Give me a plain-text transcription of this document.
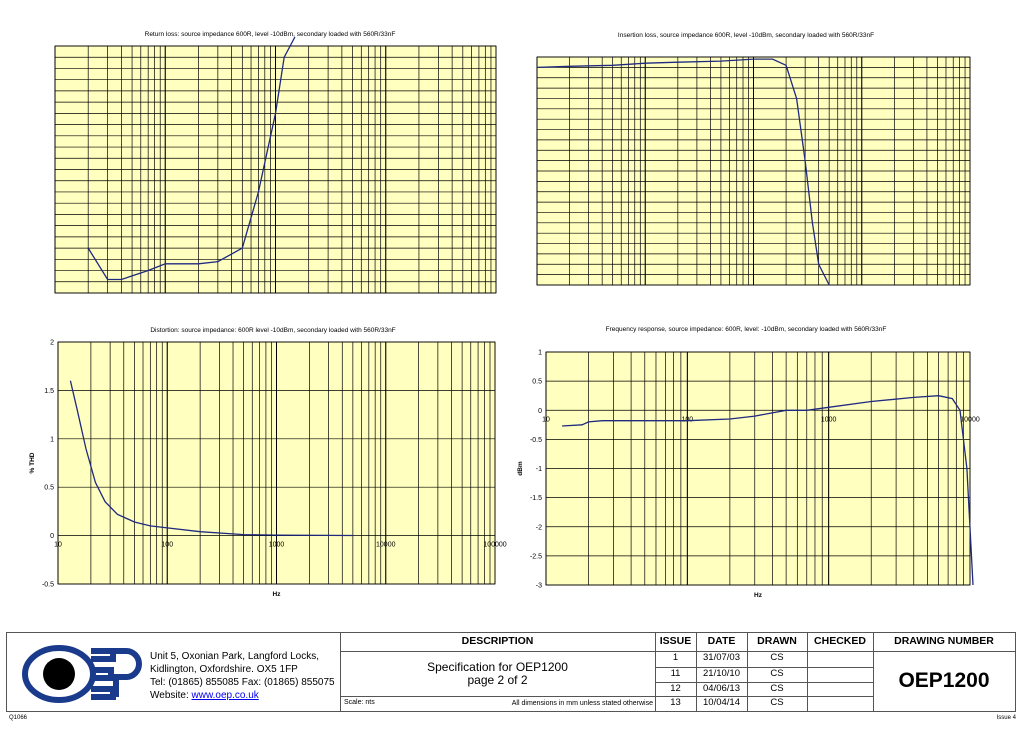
Return loss: source impedance 600R, level -10dBm, secondary loaded with 560R/33nF	Insertion loss, source impedance 600R, level -10dBm, secondary loaded with 560R/33nF
Distortion: source impedance: 600R level -10dBm, secondary loaded with 560R/33nF
2
1.5
1
0.5
0
-0.5
10	100	1000	10000	100000
Hz
% THD
Frequency response, source impedance: 600R, level: -10dBm, secondary loaded with 560R/33nF
1
0.5
0
-0.5
-1
-1.5
-2
-2.5
-3
10	100	1000	10000
Hz
dBm
Unit 5, Oxonian Park, Langford Locks,
Kidlington, Oxfordshire. OX5 1FP
Tel: (01865) 855085 Fax: (01865) 855075
Website: www.oep.co.uk
DESCRIPTION	ISSUE	DATE	DRAWN	CHECKED	DRAWING NUMBER
Specification for OEP1200
page 2 of 2
Scale: nts	All dimensions in mm unless stated otherwise
1	31/07/03	CS
11	21/10/10	CS
12	04/06/13	CS
13	10/04/14	CS
OEP1200
Q1066	Issue 4
